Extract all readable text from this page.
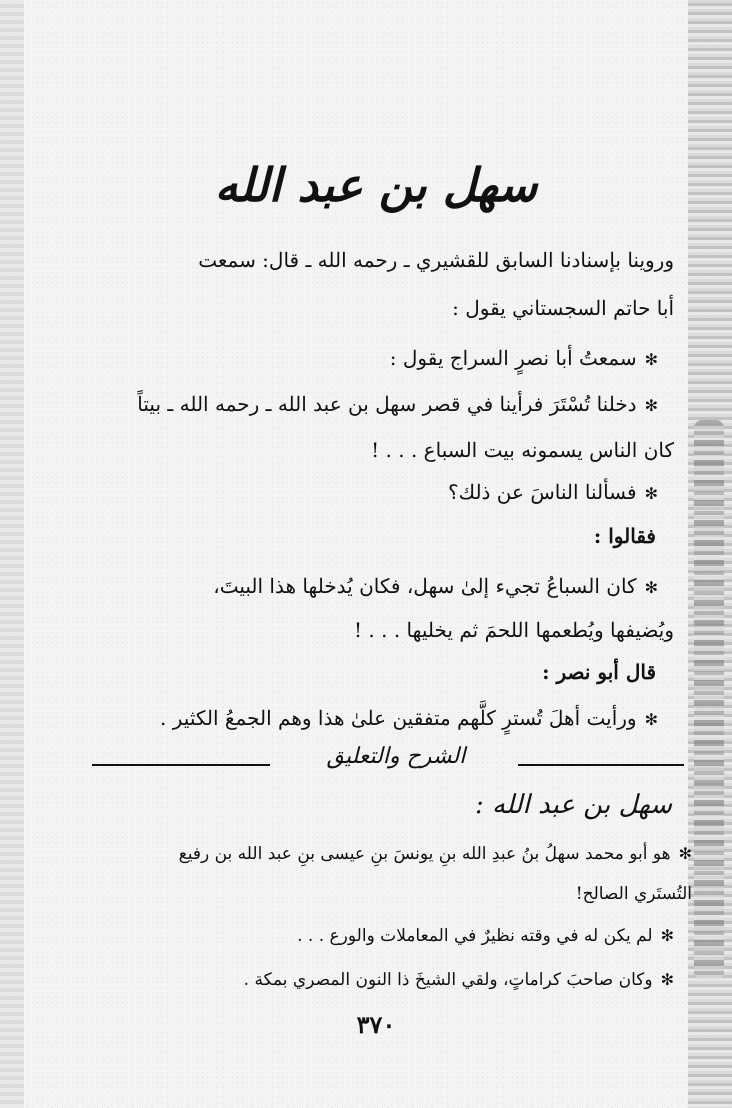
سهل بن عبد الله
وروينا بإسنادنا السابق للقشيري ـ رحمه الله ـ قال: سمعت
أبا حاتم السجستاني يقول :
✻ سمعتُ أبا نصرٍ السراج يقول :
✻ دخلنا تُسْتَرَ فرأينا في قصر سهل بن عبد الله ـ رحمه الله ـ بيتاً
كان الناس يسمونه بيت السباع . . . !
✻ فسألنا الناسَ عن ذلك؟
فقالوا :
✻ كان السباعُ تجيء إلىٰ سهل، فكان يُدخلها هذا البيتَ،
ويُضيفها ويُطعمها اللحمَ ثم يخليها . . . !
قال أبو نصر :
✻ ورأيت أهلَ تُسترٍ كلَّهم متفقين علىٰ هذا وهم الجمعُ الكثير .
الشرح والتعليق
سهل بن عبد الله :
✻ هو أبو محمد سهلُ بنُ عبدِ الله بنِ يونسَ بنِ عيسى بنِ عبد الله بن رفيع
التُستَري الصالح!
✻ لم يكن له في وقته نظيرٌ في المعاملات والورع . . .
✻ وكان صاحبَ كراماتٍ، ولقي الشيخَ ذا النون المصري بمكة .
٣٧٠
